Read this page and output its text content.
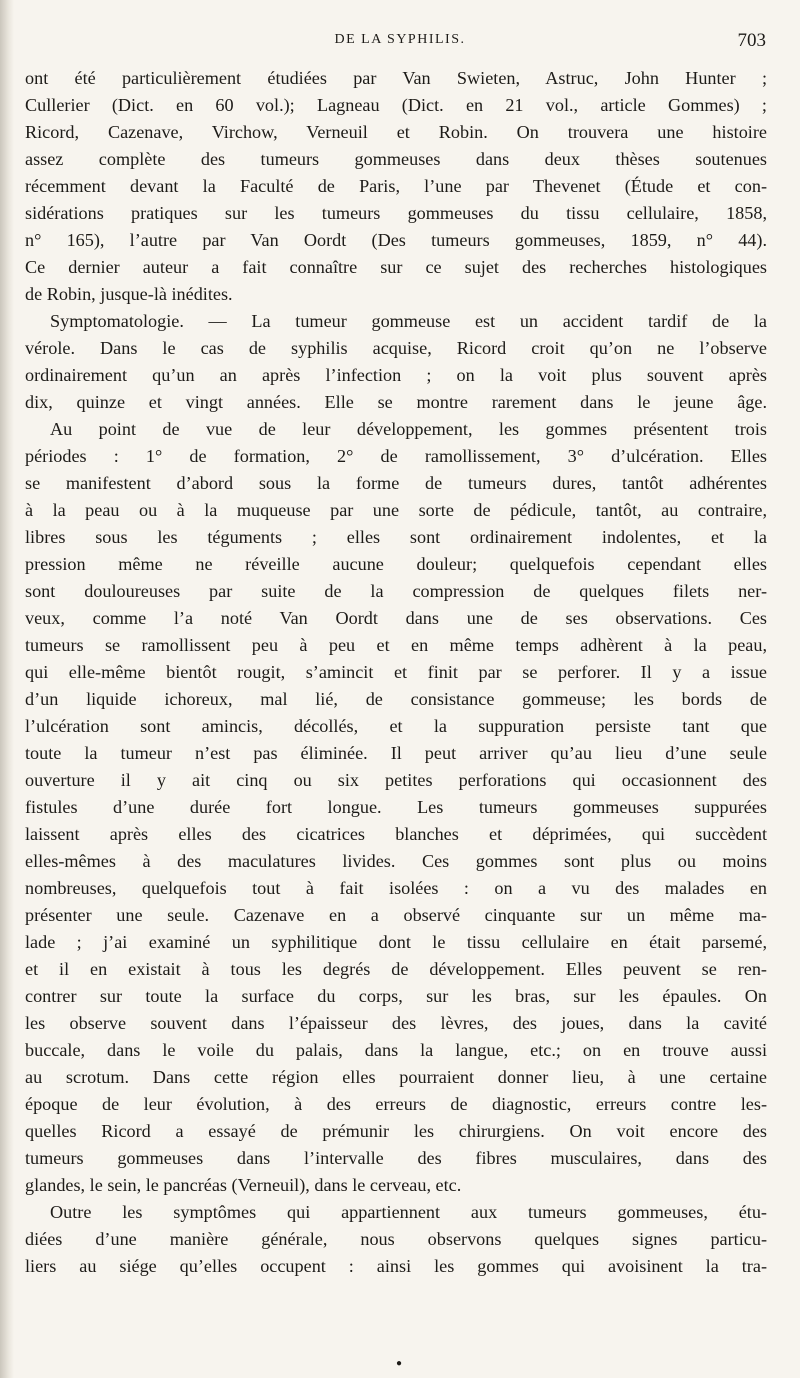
DE LA SYPHILIS.	703
ont été particulièrement étudiées par Van Swieten, Astruc, John Hunter ;
Cullerier (Dict. en 60 vol.); Lagneau (Dict. en 21 vol., article Gommes) ;
Ricord, Cazenave, Virchow, Verneuil et Robin. On trouvera une histoire
assez complète des tumeurs gommeuses dans deux thèses soutenues
récemment devant la Faculté de Paris, l’une par Thevenet (Étude et con-
sidérations pratiques sur les tumeurs gommeuses du tissu cellulaire, 1858,
n° 165), l’autre par Van Oordt (Des tumeurs gommeuses, 1859, n° 44).
Ce dernier auteur a fait connaître sur ce sujet des recherches histologiques
de Robin, jusque-là inédites.
Symptomatologie. — La tumeur gommeuse est un accident tardif de la
vérole. Dans le cas de syphilis acquise, Ricord croit qu’on ne l’observe
ordinairement qu’un an après l’infection ; on la voit plus souvent après
dix, quinze et vingt années. Elle se montre rarement dans le jeune âge.
Au point de vue de leur développement, les gommes présentent trois
périodes : 1° de formation, 2° de ramollissement, 3° d’ulcération. Elles
se manifestent d’abord sous la forme de tumeurs dures, tantôt adhérentes
à la peau ou à la muqueuse par une sorte de pédicule, tantôt, au contraire,
libres sous les téguments ; elles sont ordinairement indolentes, et la
pression même ne réveille aucune douleur; quelquefois cependant elles
sont douloureuses par suite de la compression de quelques filets ner-
veux, comme l’a noté Van Oordt dans une de ses observations. Ces
tumeurs se ramollissent peu à peu et en même temps adhèrent à la peau,
qui elle-même bientôt rougit, s’amincit et finit par se perforer. Il y a issue
d’un liquide ichoreux, mal lié, de consistance gommeuse; les bords de
l’ulcération sont amincis, décollés, et la suppuration persiste tant que
toute la tumeur n’est pas éliminée. Il peut arriver qu’au lieu d’une seule
ouverture il y ait cinq ou six petites perforations qui occasionnent des
fistules d’une durée fort longue. Les tumeurs gommeuses suppurées
laissent après elles des cicatrices blanches et déprimées, qui succèdent
elles-mêmes à des maculatures livides. Ces gommes sont plus ou moins
nombreuses, quelquefois tout à fait isolées : on a vu des malades en
présenter une seule. Cazenave en a observé cinquante sur un même ma-
lade ; j’ai examiné un syphilitique dont le tissu cellulaire en était parsemé,
et il en existait à tous les degrés de développement. Elles peuvent se ren-
contrer sur toute la surface du corps, sur les bras, sur les épaules. On
les observe souvent dans l’épaisseur des lèvres, des joues, dans la cavité
buccale, dans le voile du palais, dans la langue, etc.; on en trouve aussi
au scrotum. Dans cette région elles pourraient donner lieu, à une certaine
époque de leur évolution, à des erreurs de diagnostic, erreurs contre les-
quelles Ricord a essayé de prémunir les chirurgiens. On voit encore des
tumeurs gommeuses dans l’intervalle des fibres musculaires, dans des
glandes, le sein, le pancréas (Verneuil), dans le cerveau, etc.
Outre les symptômes qui appartiennent aux tumeurs gommeuses, étu-
diées d’une manière générale, nous observons quelques signes particu-
liers au siége qu’elles occupent : ainsi les gommes qui avoisinent la tra-
●
